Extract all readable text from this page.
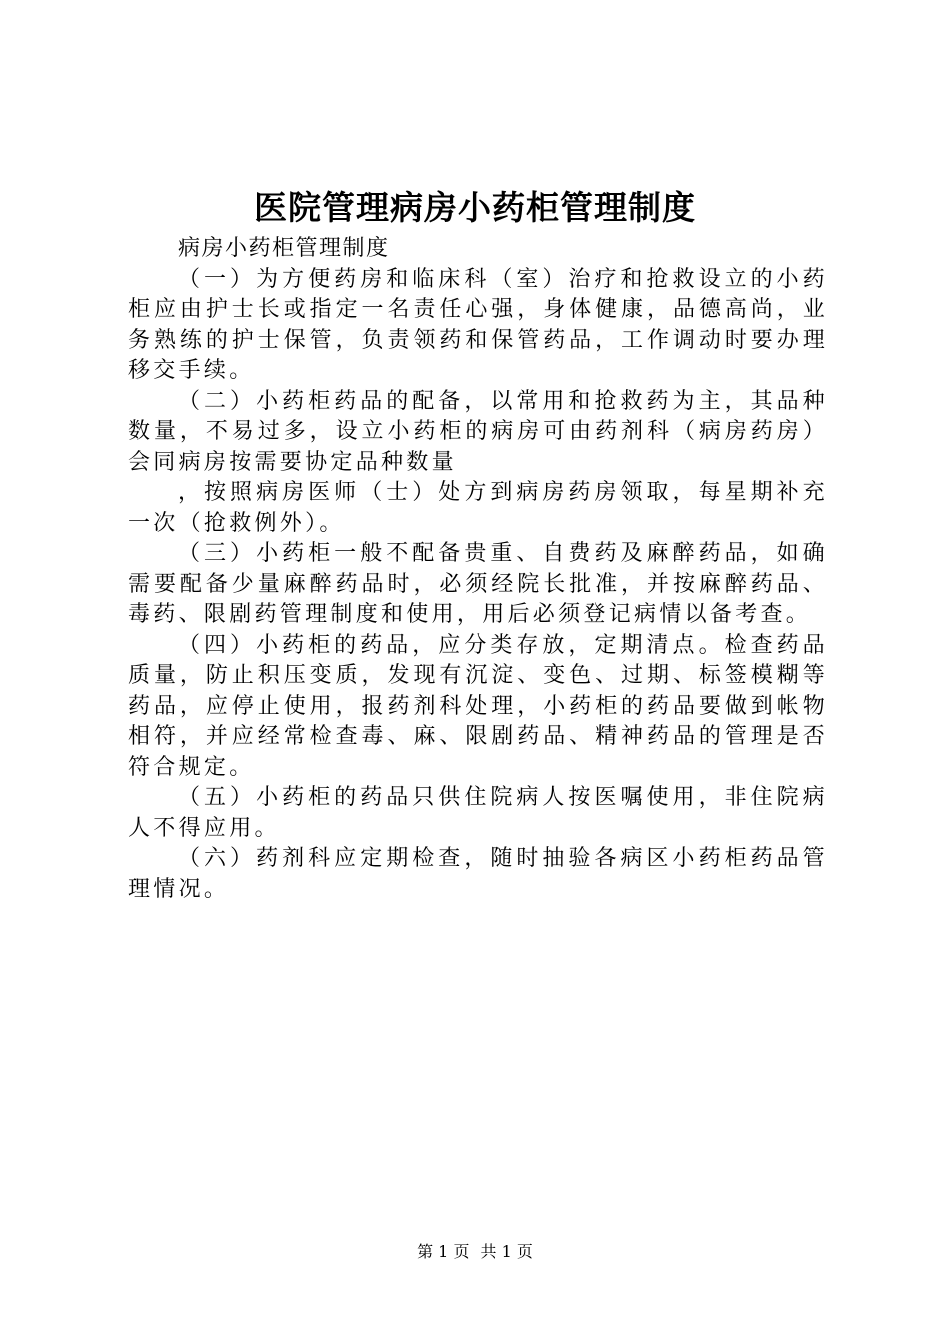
医院管理病房小药柜管理制度

病房小药柜管理制度

（一）为方便药房和临床科（室）治疗和抢救设立的小药柜应由护士长或指定一名责任心强，身体健康，品德高尚，业务熟练的护士保管，负责领药和保管药品，工作调动时要办理移交手续。

（二）小药柜药品的配备，以常用和抢救药为主，其品种数量，不易过多，设立小药柜的病房可由药剂科（病房药房）会同病房按需要协定品种数量

，按照病房医师（士）处方到病房药房领取，每星期补充一次（抢救例外）。

（三）小药柜一般不配备贵重、自费药及麻醉药品，如确需要配备少量麻醉药品时，必须经院长批准，并按麻醉药品、毒药、限剧药管理制度和使用，用后必须登记病情以备考查。

（四）小药柜的药品，应分类存放，定期清点。检查药品质量，防止积压变质，发现有沉淀、变色、过期、标签模糊等药品，应停止使用，报药剂科处理，小药柜的药品要做到帐物相符，并应经常检查毒、麻、限剧药品、精神药品的管理是否符合规定。

（五）小药柜的药品只供住院病人按医嘱使用，非住院病人不得应用。

（六）药剂科应定期检查，随时抽验各病区小药柜药品管理情况。

第 1 页 共 1 页
